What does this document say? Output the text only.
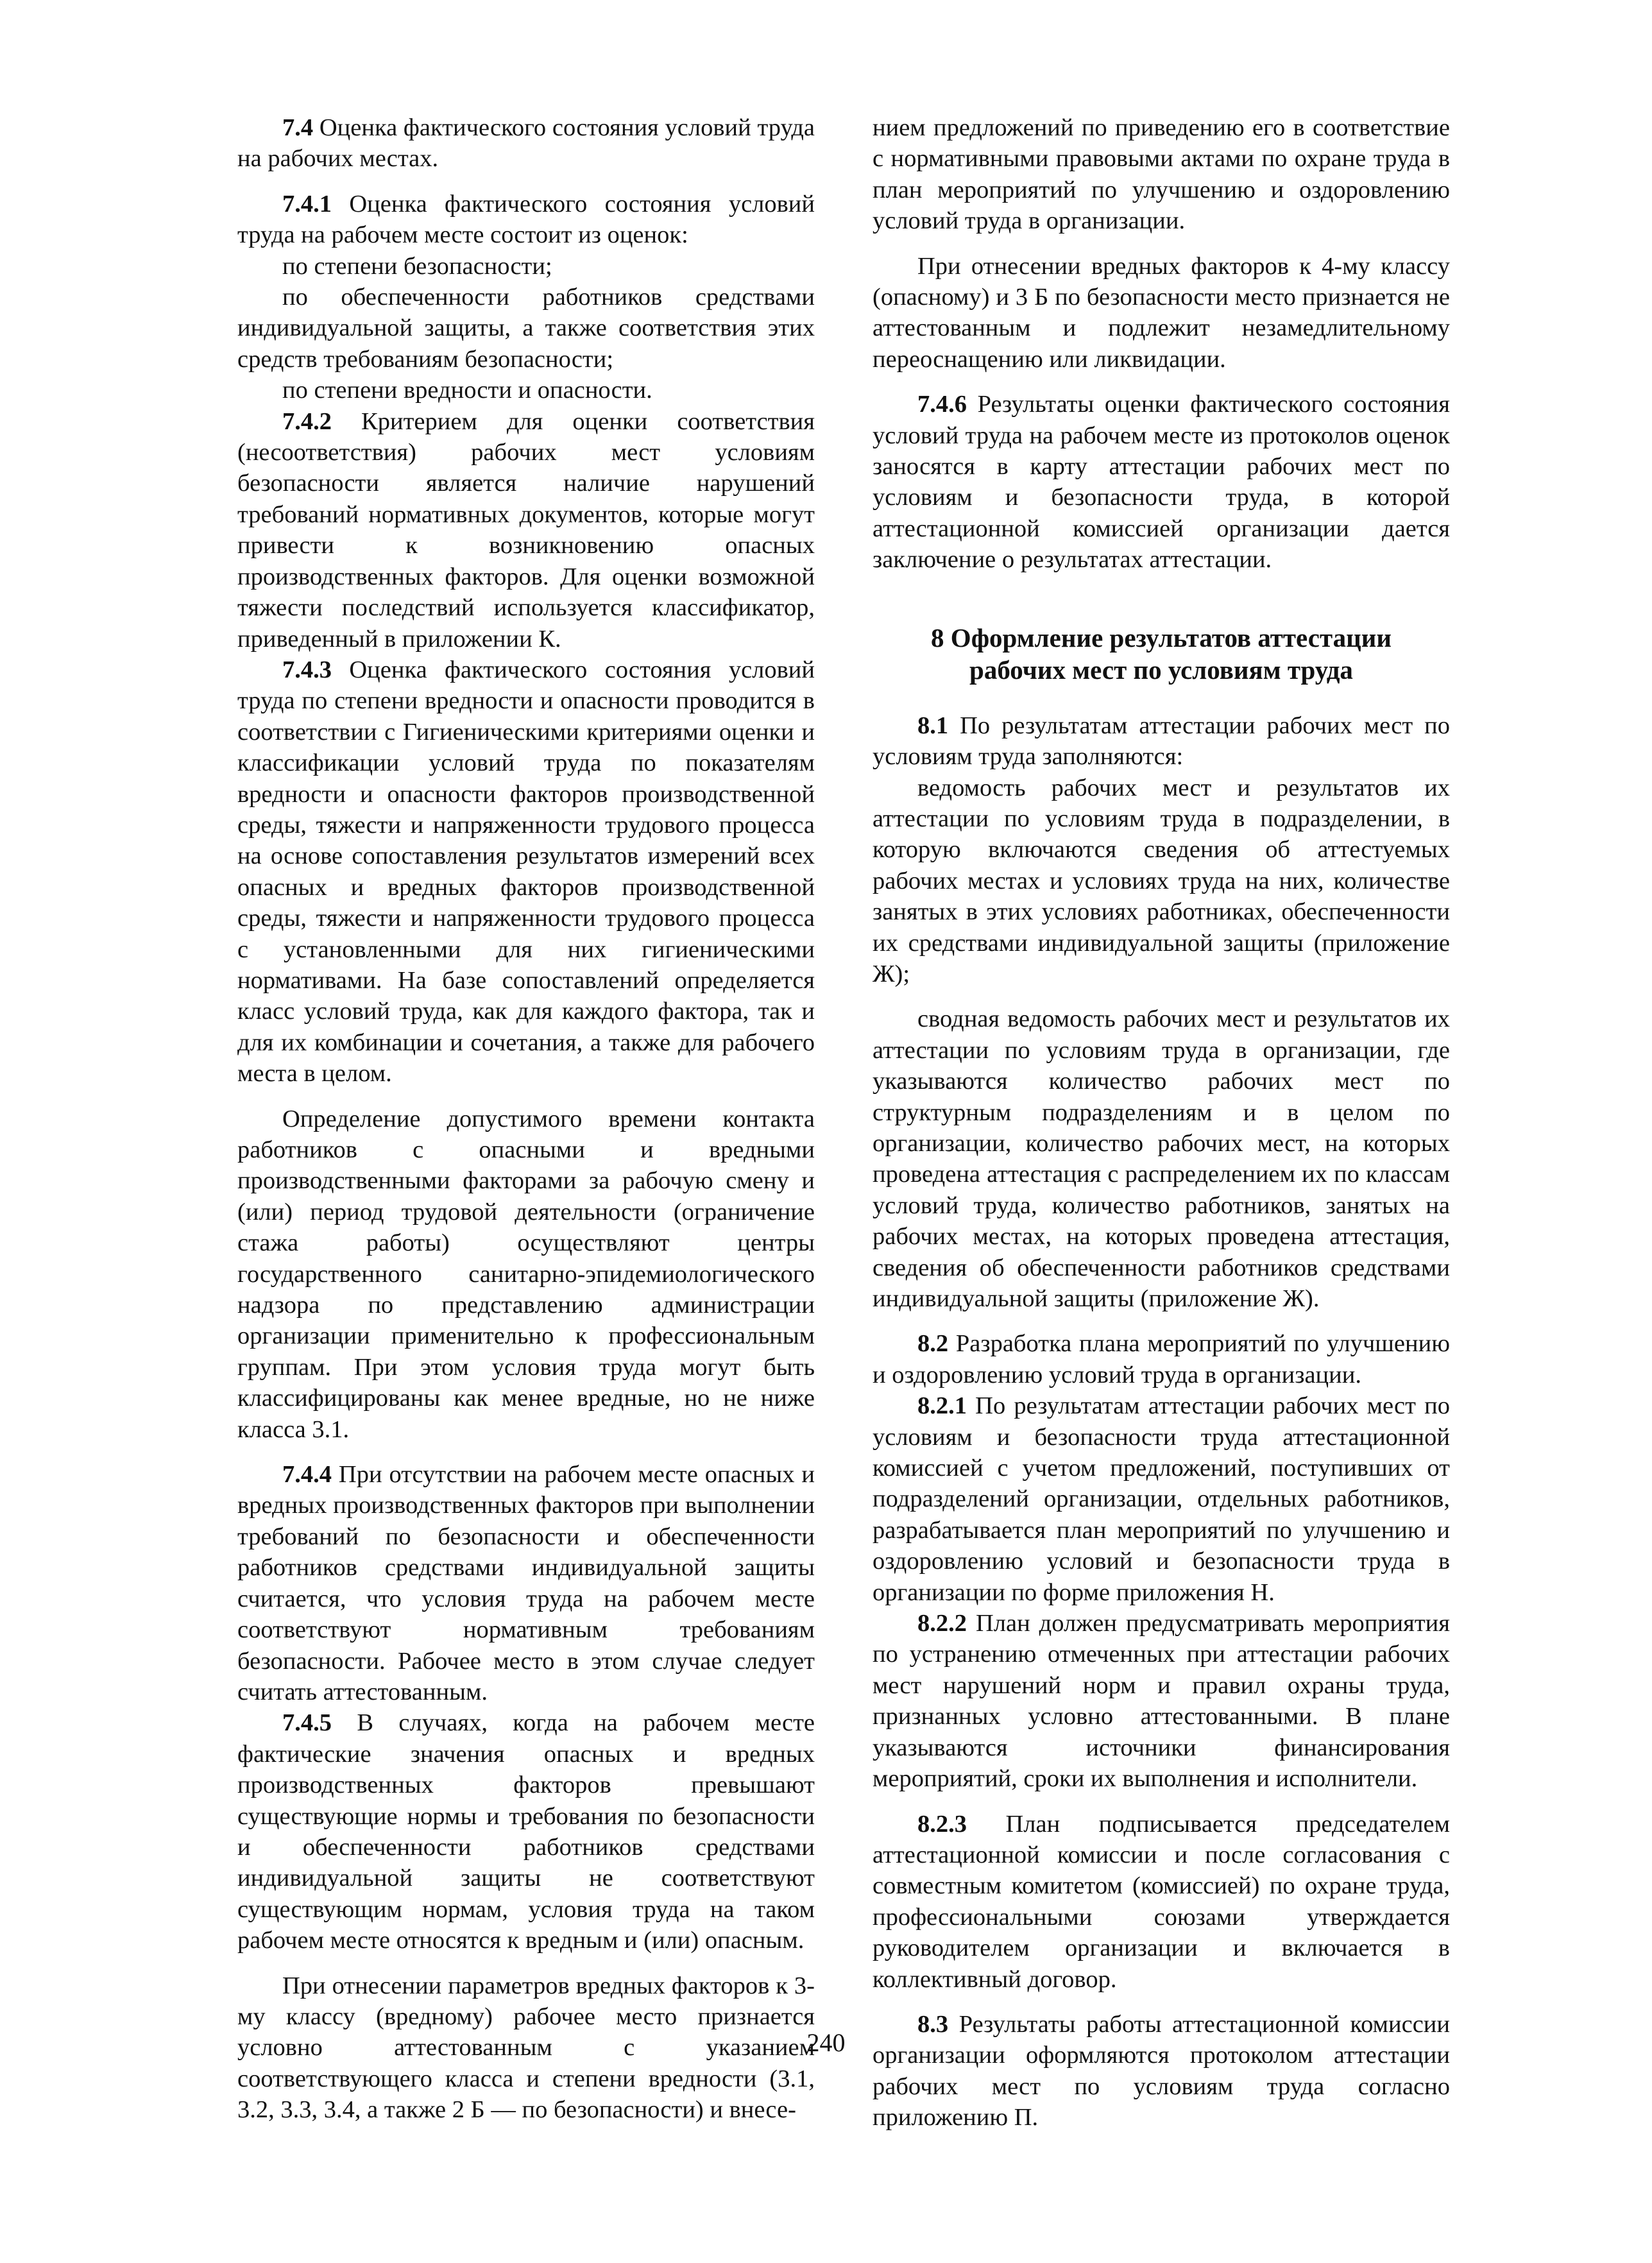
7.4 Оценка фактического состояния условий труда на рабочих местах.

7.4.1 Оценка фактического состояния условий труда на рабочем месте состоит из оценок:

по степени безопасности;

по обеспеченности работников средствами индивидуальной защиты, а также соответствия этих средств требованиям безопасности;

по степени вредности и опасности.

7.4.2 Критерием для оценки соответствия (несоответствия) рабочих мест условиям безопасности является наличие нарушений требований нормативных документов, которые могут привести к возникновению опасных производственных факторов. Для оценки возможной тяжести последствий используется классификатор, приведенный в приложении К.

7.4.3 Оценка фактического состояния условий труда по степени вредности и опасности проводится в соответствии с Гигиеническими критериями оценки и классификации условий труда по показателям вредности и опасности факторов производственной среды, тяжести и напряженности трудового процесса на основе сопоставления результатов измерений всех опасных и вредных факторов производственной среды, тяжести и напряженности трудового процесса с установленными для них гигиеническими нормативами. На базе сопоставлений определяется класс условий труда, как для каждого фактора, так и для их комбинации и сочетания, а также для рабочего места в целом.

Определение допустимого времени контакта работников с опасными и вредными производственными факторами за рабочую смену и (или) период трудовой деятельности (ограничение стажа работы) осуществляют центры государственного санитарно-эпидемиологического надзора по представлению администрации организации применительно к профессиональным группам. При этом условия труда могут быть классифицированы как менее вредные, но не ниже класса 3.1.

7.4.4 При отсутствии на рабочем месте опасных и вредных производственных факторов при выполнении требований по безопасности и обеспеченности работников средствами индивидуальной защиты считается, что условия труда на рабочем месте соответствуют нормативным требованиям безопасности. Рабочее место в этом случае следует считать аттестованным.

7.4.5 В случаях, когда на рабочем месте фактические значения опасных и вредных производственных факторов превышают существующие нормы и требования по безопасности и обеспеченности работников средствами индивидуальной защиты не соответствуют существующим нормам, условия труда на таком рабочем месте относятся к вредным и (или) опасным.

При отнесении параметров вредных факторов к 3-му классу (вредному) рабочее место признается условно аттестованным с указанием соответствующего класса и степени вредности (3.1, 3.2, 3.3, 3.4, а также 2 Б — по безопасности) и внесе-

нием предложений по приведению его в соответствие с нормативными правовыми актами по охране труда в план мероприятий по улучшению и оздоровлению условий труда в организации.

При отнесении вредных факторов к 4-му классу (опасному) и 3 Б по безопасности место признается не аттестованным и подлежит незамедлительному переоснащению или ликвидации.

7.4.6 Результаты оценки фактического состояния условий труда на рабочем месте из протоколов оценок заносятся в карту аттестации рабочих мест по условиям и безопасности труда, в которой аттестационной комиссией организации дается заключение о результатах аттестации.

8 Оформление результатов аттестации
рабочих мест по условиям труда

8.1 По результатам аттестации рабочих мест по условиям труда заполняются:

ведомость рабочих мест и результатов их аттестации по условиям труда в подразделении, в которую включаются сведения об аттестуемых рабочих местах и условиях труда на них, количестве занятых в этих условиях работниках, обеспеченности их средствами индивидуальной защиты (приложение Ж);

сводная ведомость рабочих мест и результатов их аттестации по условиям труда в организации, где указываются количество рабочих мест по структурным подразделениям и в целом по организации, количество рабочих мест, на которых проведена аттестация с распределением их по классам условий труда, количество работников, занятых на рабочих местах, на которых проведена аттестация, сведения об обеспеченности работников средствами индивидуальной защиты (приложение Ж).

8.2 Разработка плана мероприятий по улучшению и оздоровлению условий труда в организации.

8.2.1 По результатам аттестации рабочих мест по условиям и безопасности труда аттестационной комиссией с учетом предложений, поступивших от подразделений организации, отдельных работников, разрабатывается план мероприятий по улучшению и оздоровлению условий и безопасности труда в организации по форме приложения Н.

8.2.2 План должен предусматривать мероприятия по устранению отмеченных при аттестации рабочих мест нарушений норм и правил охраны труда, признанных условно аттестованными. В плане указываются источники финансирования мероприятий, сроки их выполнения и исполнители.

8.2.3 План подписывается председателем аттестационной комиссии и после согласования с совместным комитетом (комиссией) по охране труда, профессиональными союзами утверждается руководителем организации и включается в коллективный договор.

8.3 Результаты работы аттестационной комиссии организации оформляются протоколом аттестации рабочих мест по условиям труда согласно приложению П.

240
